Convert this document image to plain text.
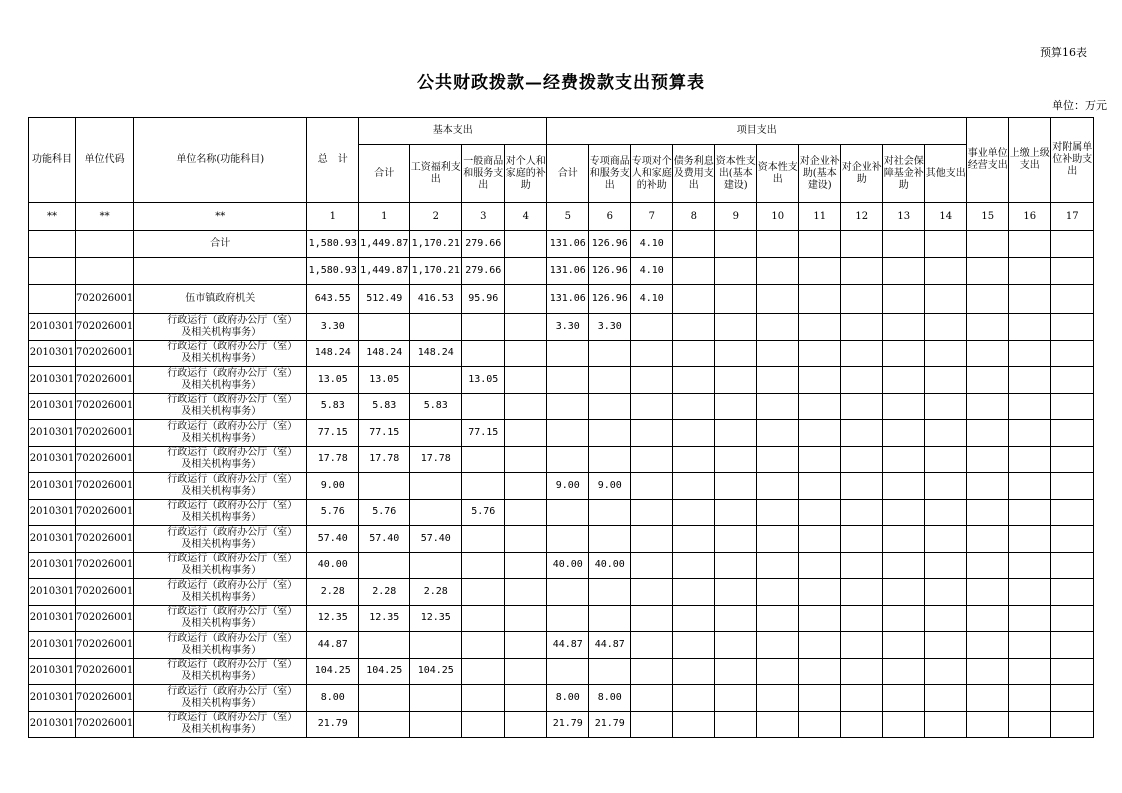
预算16表
公共财政拨款—经费拨款支出预算表
单位：万元
功能科目	单位代码	单位名称(功能科目)	总　计	基本支出				项目支出										事业单位经营支出	上缴上级支出	对附属单位补助支出
				合计	工资福利支出	一般商品和服务支出	对个人和家庭的补助	合计	专项商品和服务支出	专项对个人和家庭的补助	债务利息及费用支出	资本性支出(基本建设)	资本性支出	对企业补助(基本建设)	对企业补助	对社会保障基金补助	其他支出			
**	**	**	1	1	2	3	4	5	6	7	8	9	10	11	12	13	14	15	16	17
		合计	1,580.93	1,449.87	1,170.21	279.66		131.06	126.96	4.10										
			1,580.93	1,449.87	1,170.21	279.66		131.06	126.96	4.10										
	702026001	伍市镇政府机关	643.55	512.49	416.53	95.96		131.06	126.96	4.10										
2010301	702026001	行政运行（政府办公厅（室）
及相关机构事务）	3.30					3.30	3.30											
2010301	702026001	行政运行（政府办公厅（室）
及相关机构事务）	148.24	148.24	148.24															
2010301	702026001	行政运行（政府办公厅（室）
及相关机构事务）	13.05	13.05		13.05														
2010301	702026001	行政运行（政府办公厅（室）
及相关机构事务）	5.83	5.83	5.83															
2010301	702026001	行政运行（政府办公厅（室）
及相关机构事务）	77.15	77.15		77.15														
2010301	702026001	行政运行（政府办公厅（室）
及相关机构事务）	17.78	17.78	17.78															
2010301	702026001	行政运行（政府办公厅（室）
及相关机构事务）	9.00					9.00	9.00											
2010301	702026001	行政运行（政府办公厅（室）
及相关机构事务）	5.76	5.76		5.76														
2010301	702026001	行政运行（政府办公厅（室）
及相关机构事务）	57.40	57.40	57.40															
2010301	702026001	行政运行（政府办公厅（室）
及相关机构事务）	40.00					40.00	40.00											
2010301	702026001	行政运行（政府办公厅（室）
及相关机构事务）	2.28	2.28	2.28															
2010301	702026001	行政运行（政府办公厅（室）
及相关机构事务）	12.35	12.35	12.35															
2010301	702026001	行政运行（政府办公厅（室）
及相关机构事务）	44.87					44.87	44.87											
2010301	702026001	行政运行（政府办公厅（室）
及相关机构事务）	104.25	104.25	104.25															
2010301	702026001	行政运行（政府办公厅（室）
及相关机构事务）	8.00					8.00	8.00											
2010301	702026001	行政运行（政府办公厅（室）
及相关机构事务）	21.79					21.79	21.79											
